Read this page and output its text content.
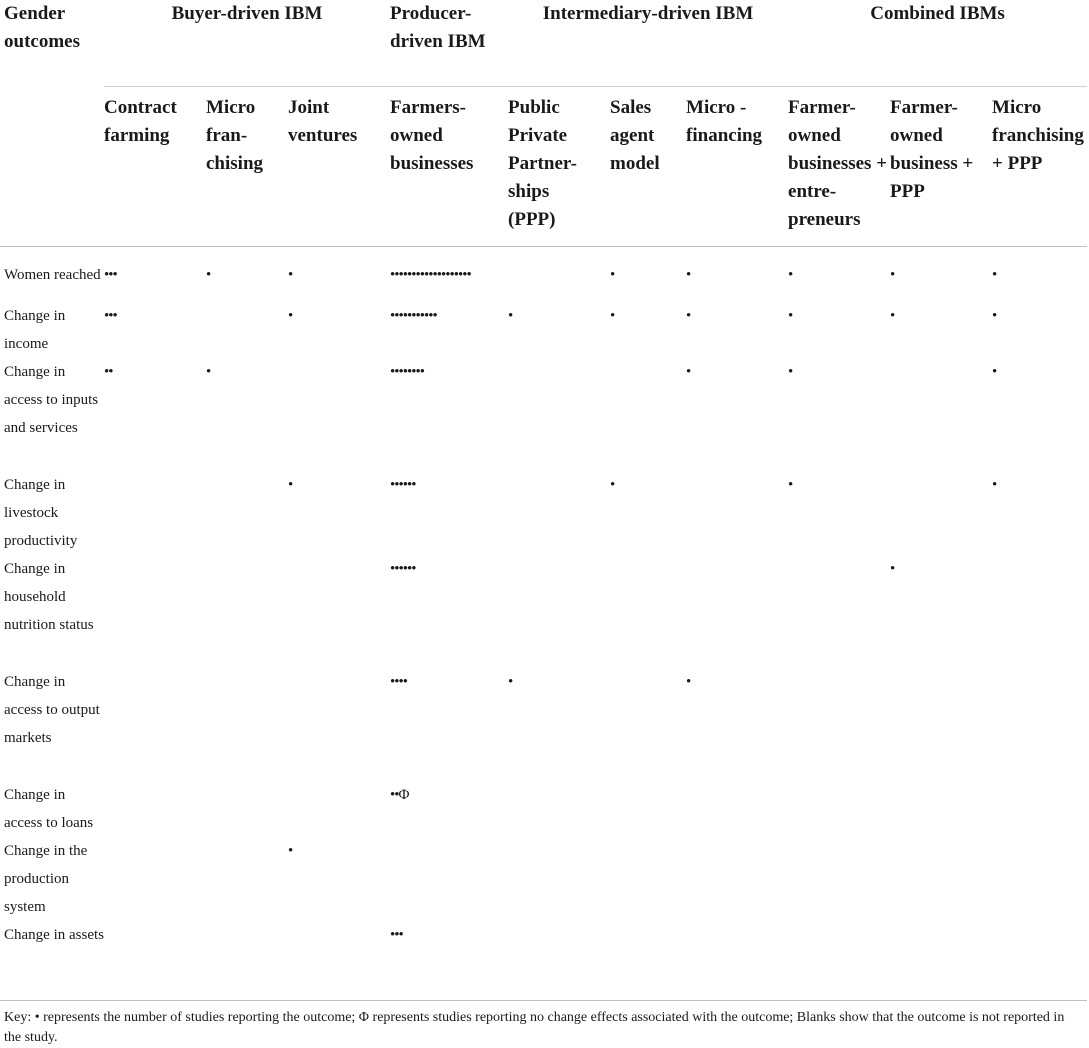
Gender outcomes	Buyer-driven IBM			Producer-driven IBM	Intermediary-driven IBM			Combined IBMs		
	Contract farming	Micro fran-chising	Joint ventures	Farmers-owned businesses	Public Private Partner-ships (PPP)	Sales agent model	Micro -financing	Farmer-owned businesses + entre-preneurs	Farmer-owned business + PPP	Micro franchising + PPP
Women reached	•••	•	•	•••••••••••••••••••		•	•	•	•	•
Change in income	•••		•	•••••••••••	•	•	•	•	•	•
Change in access to inputs and services	••	•		••••••••			•	•		•
Change in livestock productivity			•	••••••		•		•		•
Change in household nutrition status				••••••					•	
Change in access to output markets				••••	•		•			
Change in access to loans				••Φ						
Change in the production system			•							
Change in assets				•••						
Key: • represents the number of studies reporting the outcome; Φ represents studies reporting no change effects associated with the outcome; Blanks show that the outcome is not reported in the study.
